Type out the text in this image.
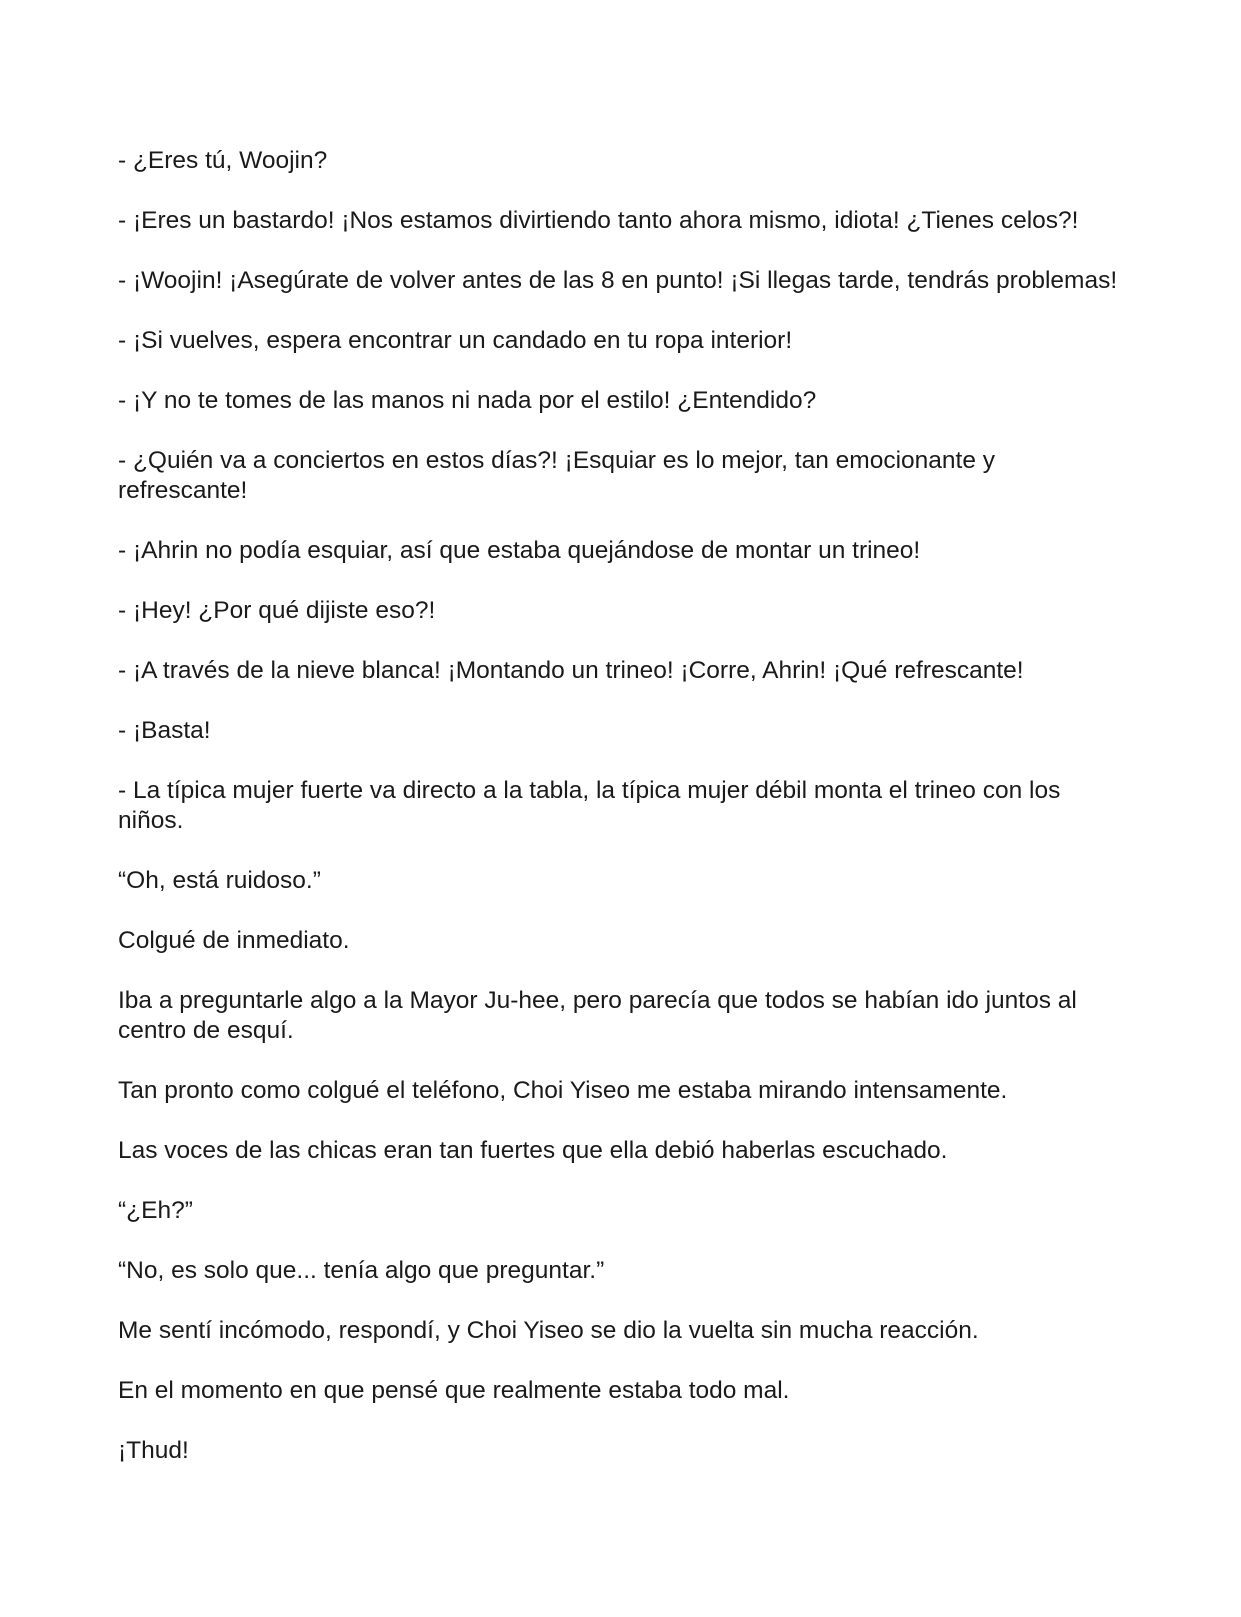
- ¿Eres tú, Woojin?

- ¡Eres un bastardo! ¡Nos estamos divirtiendo tanto ahora mismo, idiota! ¿Tienes celos?!

- ¡Woojin! ¡Asegúrate de volver antes de las 8 en punto! ¡Si llegas tarde, tendrás problemas!

- ¡Si vuelves, espera encontrar un candado en tu ropa interior!

- ¡Y no te tomes de las manos ni nada por el estilo! ¿Entendido?

- ¿Quién va a conciertos en estos días?! ¡Esquiar es lo mejor, tan emocionante y refrescante!

- ¡Ahrin no podía esquiar, así que estaba quejándose de montar un trineo!

- ¡Hey! ¿Por qué dijiste eso?!

- ¡A través de la nieve blanca! ¡Montando un trineo! ¡Corre, Ahrin! ¡Qué refrescante!

- ¡Basta!

- La típica mujer fuerte va directo a la tabla, la típica mujer débil monta el trineo con los niños.

“Oh, está ruidoso.”

Colgué de inmediato.

Iba a preguntarle algo a la Mayor Ju-hee, pero parecía que todos se habían ido juntos al centro de esquí.

Tan pronto como colgué el teléfono, Choi Yiseo me estaba mirando intensamente.

Las voces de las chicas eran tan fuertes que ella debió haberlas escuchado.

“¿Eh?”

“No, es solo que... tenía algo que preguntar.”

Me sentí incómodo, respondí, y Choi Yiseo se dio la vuelta sin mucha reacción.

En el momento en que pensé que realmente estaba todo mal.

¡Thud!
